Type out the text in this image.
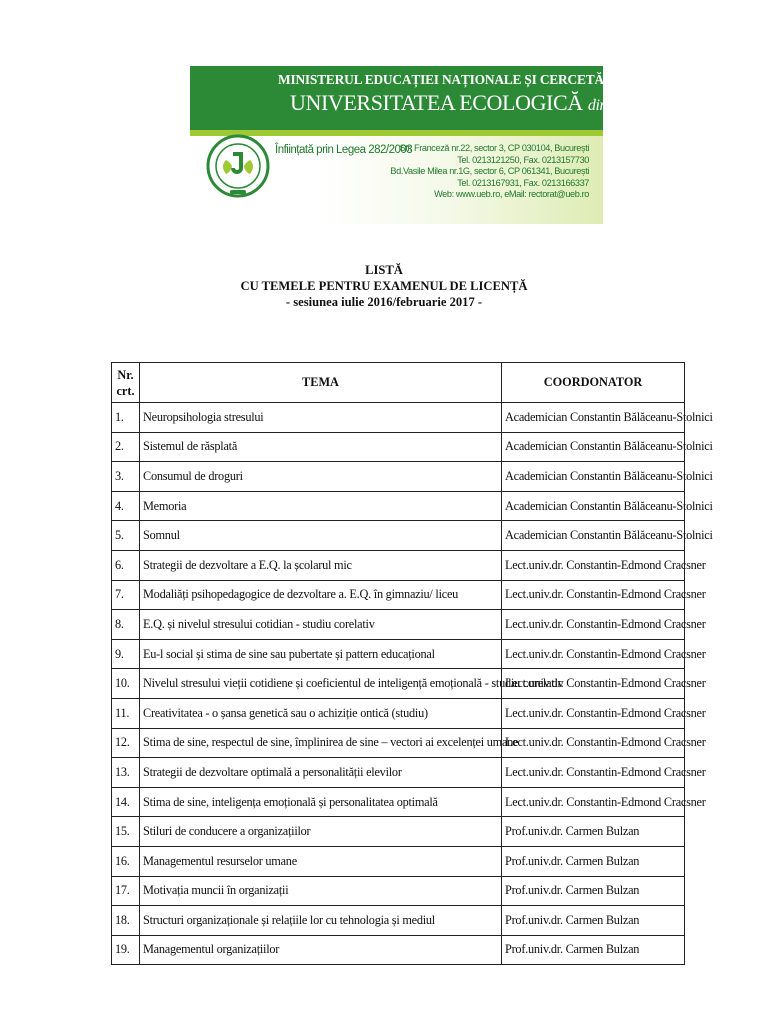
MINISTERUL EDUCAȚIEI NAȚIONALE ȘI CERCETĂRII ȘTIINȚIFICE
UNIVERSITATEA ECOLOGICĂ din BUCUREȘTI
Înființată prin Legea 282/2003
Str. Franceză nr.22, sector 3, CP 030104, București
Tel. 0213121250, Fax. 0213157730
Bd.Vasile Milea nr.1G, sector 6, CP 061341, București
Tel. 0213167931, Fax. 0213166337
Web: www.ueb.ro, eMail: rectorat@ueb.ro
LISTĂ
CU TEMELE PENTRU EXAMENUL DE LICENȚĂ
- sesiunea iulie 2016/februarie 2017 -
Nr.
crt.	TEMA	COORDONATOR
1.	Neuropsihologia stresului	Academician Constantin Bălăceanu-Stolnici
2.	Sistemul de răsplată	Academician Constantin Bălăceanu-Stolnici
3.	Consumul de droguri	Academician Constantin Bălăceanu-Stolnici
4.	Memoria	Academician Constantin Bălăceanu-Stolnici
5.	Somnul	Academician Constantin Bălăceanu-Stolnici
6.	Strategii de dezvoltare a E.Q. la școlarul mic	Lect.univ.dr. Constantin-Edmond Cracsner
7.	Modaliăți psihopedagogice de dezvoltare a. E.Q. în gimnaziu/ liceu	Lect.univ.dr. Constantin-Edmond Cracsner
8.	E.Q. și nivelul stresului cotidian - studiu corelativ	Lect.univ.dr. Constantin-Edmond Cracsner
9.	Eu-l social și stima de sine sau pubertate și pattern educațional	Lect.univ.dr. Constantin-Edmond Cracsner
10.	Nivelul stresului vieții cotidiene și coeficientul de inteligență emoțională - studiu corelativ	Lect.univ.dr. Constantin-Edmond Cracsner
11.	Creativitatea - o șansa genetică sau o achiziție ontică (studiu)	Lect.univ.dr. Constantin-Edmond Cracsner
12.	Stima de sine, respectul de sine, împlinirea de sine – vectori ai excelenței umane	Lect.univ.dr. Constantin-Edmond Cracsner
13.	Strategii de dezvoltare optimală a personalității elevilor	Lect.univ.dr. Constantin-Edmond Cracsner
14.	Stima de sine, inteligența emoțională și personalitatea optimală	Lect.univ.dr. Constantin-Edmond Cracsner
15.	Stiluri de conducere a organizațiilor	Prof.univ.dr. Carmen Bulzan
16.	Managementul resurselor umane	Prof.univ.dr. Carmen Bulzan
17.	Motivația muncii în organizații	Prof.univ.dr. Carmen Bulzan
18.	Structuri organizaționale și relațiile lor cu tehnologia și mediul	Prof.univ.dr. Carmen Bulzan
19.	Managementul organizațiilor	Prof.univ.dr. Carmen Bulzan
